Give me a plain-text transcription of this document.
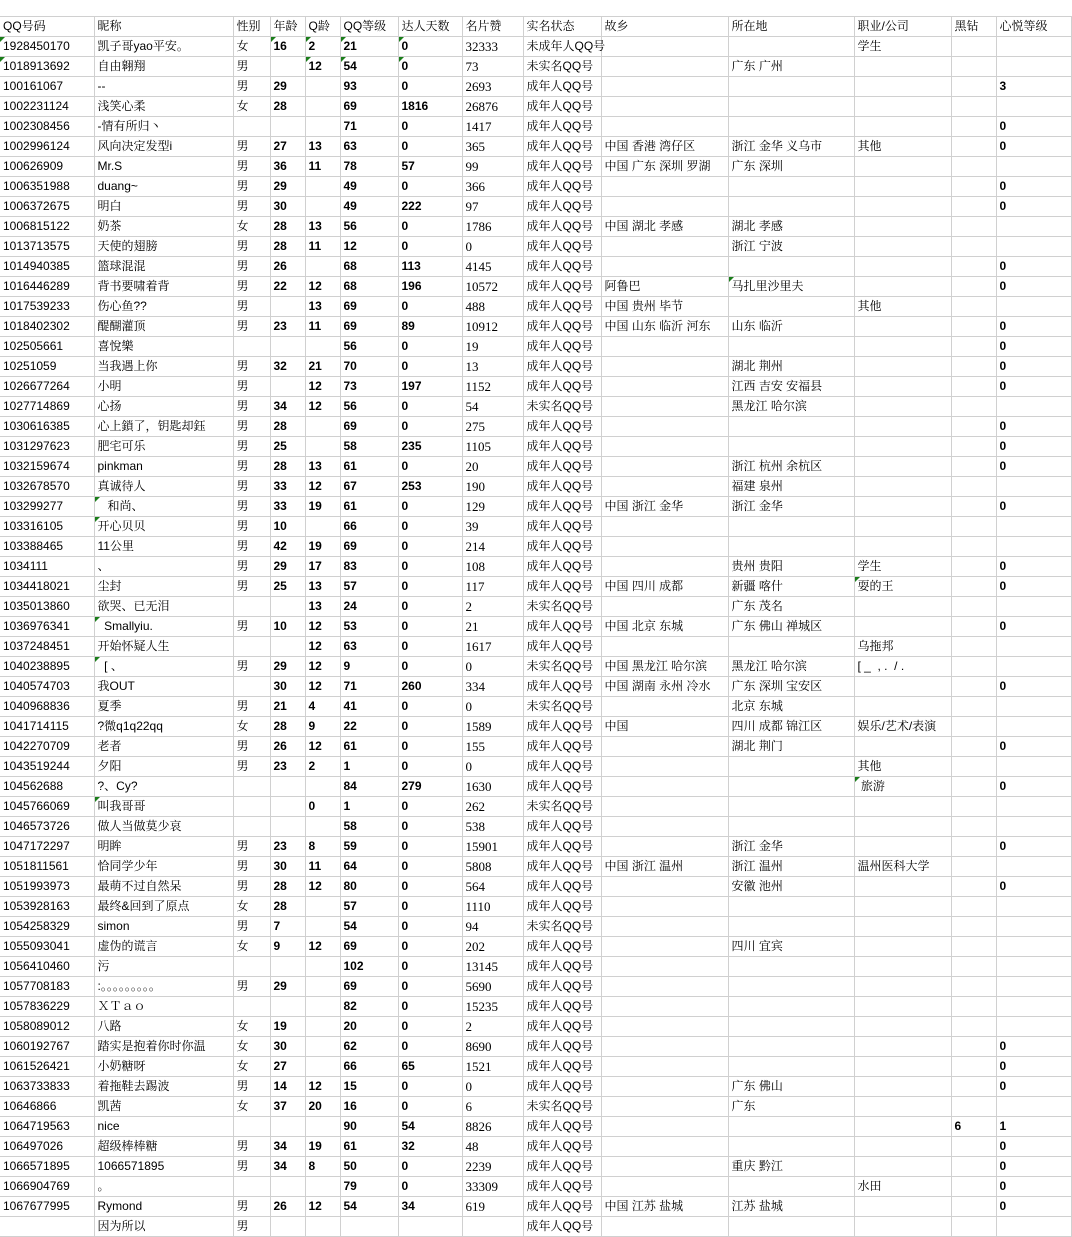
QQ号码	昵称	性别	年龄	Q龄	QQ等级	达人天数	名片赞	实名状态	故乡	所在地	职业/公司	黑钻	心悦等级

1928450170	凯子哥yao平安。	女	16	2	21	0	32333	未成年人QQ号			学生		

1018913692	自由翱翔	男		12	54	0	73	未实名QQ号		广东 广州			
100161067	--	男	29		93	0	2693	成年人QQ号					3
1002231124	浅笑心柔	女	28		69	1816	26876	成年人QQ号					
1002308456	-情有所归丶				71	0	1417	成年人QQ号					0
1002996124	风向决定发型i	男	27	13	63	0	365	成年人QQ号	中国 香港 湾仔区	浙江 金华 义乌市	其他		0
100626909	Mr.S	男	36	11	78	57	99	成年人QQ号	中国 广东 深圳 罗湖	广东 深圳			
1006351988	duang~	男	29		49	0	366	成年人QQ号					0
1006372675	明白	男	30		49	222	97	成年人QQ号					0
1006815122	奶茶	女	28	13	56	0	1786	成年人QQ号	中国 湖北 孝感	湖北 孝感			
1013713575	天使的翅膀	男	28	11	12	0	0	成年人QQ号		浙江 宁波			
1014940385	篮球混混	男	26		68	113	4145	成年人QQ号					0
1016446289	背书要啸着背	男	22	12	68	196	10572	成年人QQ号	阿鲁巴	马扎里沙里夫			0
1017539233	伤心鱼??	男		13	69	0	488	成年人QQ号	中国 贵州 毕节		其他		
1018402302	醍醐灌顶	男	23	11	69	89	10912	成年人QQ号	中国 山东 临沂 河东	山东 临沂			0
102505661	喜悅樂				56	0	19	成年人QQ号					0
10251059	当我遇上你	男	32	21	70	0	13	成年人QQ号		湖北 荆州			0
1026677264	小明	男		12	73	197	1152	成年人QQ号		江西 吉安 安福县			0
1027714869	心扬	男	34	12	56	0	54	未实名QQ号		黑龙江 哈尔滨			
1030616385	心上鎖了，钥匙却鈺	男	28		69	0	275	成年人QQ号					0
1031297623	肥宅可乐	男	25		58	235	1105	成年人QQ号					0
1032159674	pinkman	男	28	13	61	0	20	成年人QQ号		浙江 杭州 余杭区			0
1032678570	真诚待人	男	33	12	67	253	190	成年人QQ号		福建 泉州			
103299277	和尚、	男	33	19	61	0	129	成年人QQ号	中国 浙江 金华	浙江 金华			0
103316105	开心贝贝	男	10		66	0	39	成年人QQ号					
103388465	11公里	男	42	19	69	0	214	成年人QQ号					
1034111	、	男	29	17	83	0	108	成年人QQ号		贵州 贵阳	学生		0
1034418021	尘封	男	25	13	57	0	117	成年人QQ号	中国 四川 成都	新疆 喀什	耍的王		0
1035013860	欲哭、已无泪			13	24	0	2	未实名QQ号		广东 茂名			
1036976341	Smallyiu.	男	10	12	53	0	21	成年人QQ号	中国 北京 东城	广东 佛山 禅城区			0
1037248451	开始怀疑人生			12	63	0	1617	成年人QQ号			乌拖邦		
1040238895	[ 、	男	29	12	9	0	0	未实名QQ号	中国 黑龙江 哈尔滨	黑龙江 哈尔滨	[ _  , .  / .		
1040574703	我OUT		30	12	71	260	334	成年人QQ号	中国 湖南 永州 冷水	广东 深圳 宝安区			0
1040968836	夏季	男	21	4	41	0	0	未实名QQ号		北京 东城			
1041714115	?微q1q22qq	女	28	9	22	0	1589	成年人QQ号	中国	四川 成都 锦江区	娱乐/艺术/表演		
1042270709	老者	男	26	12	61	0	155	成年人QQ号		湖北 荆门			0
1043519244	夕阳	男	23	2	1	0	0	成年人QQ号			其他		
104562688	?、Cy?				84	279	1630	成年人QQ号			旅游		0
1045766069	叫我哥哥			0	1	0	262	未实名QQ号					
1046573726	做人当做莫少哀				58	0	538	成年人QQ号					
1047172297	明眸	男	23	8	59	0	15901	成年人QQ号		浙江 金华			0
1051811561	恰同学少年	男	30	11	64	0	5808	成年人QQ号	中国 浙江 温州	浙江 温州	温州医科大学		
1051993973	最萌不过自然呆	男	28	12	80	0	564	成年人QQ号		安徽 池州			0
1053928163	最终&回到了原点	女	28		57	0	1110	成年人QQ号					
1054258329	simon	男	7		54	0	94	未实名QQ号					
1055093041	虚伪的谎言	女	9	12	69	0	202	成年人QQ号		四川 宜宾			
1056410460	污				102	0	13145	成年人QQ号					
1057708183	:。。。。。。。。。	男	29		69	0	5690	成年人QQ号					
1057836229	ＸＴａｏ				82	0	15235	成年人QQ号					
1058089012	八路	女	19		20	0	2	成年人QQ号					
1060192767	踏实是抱着你时你温	女	30		62	0	8690	成年人QQ号					0
1061526421	小奶糖呀	女	27		66	65	1521	成年人QQ号					0
1063733833	着拖鞋去踢波	男	14	12	15	0	0	成年人QQ号		广东 佛山			0
10646866	凯茜	女	37	20	16	0	6	未实名QQ号		广东			
1064719563	nice				90	54	8826	成年人QQ号				6	1
106497026	超级棒棒糖	男	34	19	61	32	48	成年人QQ号					0
1066571895	1066571895	男	34	8	50	0	2239	成年人QQ号		重庆 黔江			0
1066904769	。				79	0	33309	成年人QQ号			水田		0
1067677995	Rymond	男	26	12	54	34	619	成年人QQ号	中国 江苏 盐城	江苏 盐城			0
	因为所以	男						成年人QQ号					
